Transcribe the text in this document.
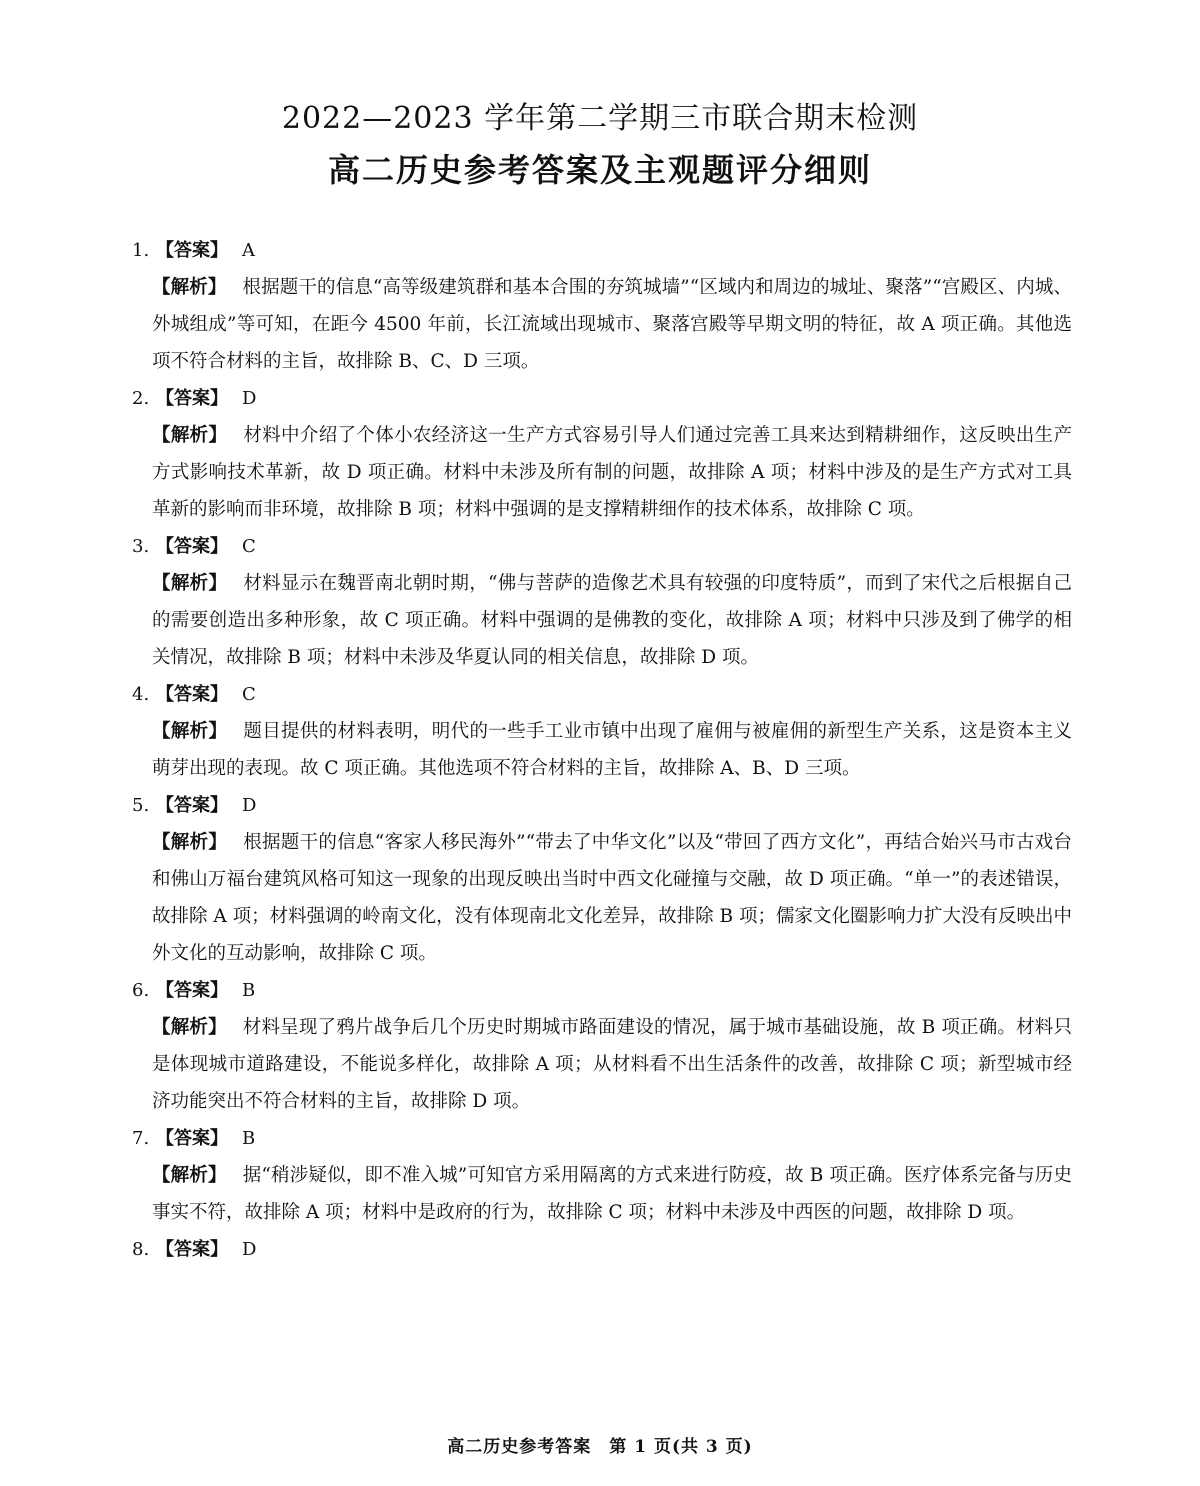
2022—2023 学年第二学期三市联合期末检测
高二历史参考答案及主观题评分细则
1. 【答案】 A
【解析】 根据题干的信息“高等级建筑群和基本合围的夯筑城墙”“区域内和周边的城址、聚落”“宫殿区、内城、外城组成”等可知，在距今 4500 年前，长江流域出现城市、聚落宫殿等早期文明的特征，故 A 项正确。其他选项不符合材料的主旨，故排除 B、C、D 三项。
2. 【答案】 D
【解析】 材料中介绍了个体小农经济这一生产方式容易引导人们通过完善工具来达到精耕细作，这反映出生产方式影响技术革新，故 D 项正确。材料中未涉及所有制的问题，故排除 A 项；材料中涉及的是生产方式对工具革新的影响而非环境，故排除 B 项；材料中强调的是支撑精耕细作的技术体系，故排除 C 项。
3. 【答案】 C
【解析】 材料显示在魏晋南北朝时期，“佛与菩萨的造像艺术具有较强的印度特质”，而到了宋代之后根据自己的需要创造出多种形象，故 C 项正确。材料中强调的是佛教的变化，故排除 A 项；材料中只涉及到了佛学的相关情况，故排除 B 项；材料中未涉及华夏认同的相关信息，故排除 D 项。
4. 【答案】 C
【解析】 题目提供的材料表明，明代的一些手工业市镇中出现了雇佣与被雇佣的新型生产关系，这是资本主义萌芽出现的表现。故 C 项正确。其他选项不符合材料的主旨，故排除 A、B、D 三项。
5. 【答案】 D
【解析】 根据题干的信息“客家人移民海外”“带去了中华文化”以及“带回了西方文化”，再结合始兴马市古戏台和佛山万福台建筑风格可知这一现象的出现反映出当时中西文化碰撞与交融，故 D 项正确。“单一”的表述错误，故排除 A 项；材料强调的岭南文化，没有体现南北文化差异，故排除 B 项；儒家文化圈影响力扩大没有反映出中外文化的互动影响，故排除 C 项。
6. 【答案】 B
【解析】 材料呈现了鸦片战争后几个历史时期城市路面建设的情况，属于城市基础设施，故 B 项正确。材料只是体现城市道路建设，不能说多样化，故排除 A 项；从材料看不出生活条件的改善，故排除 C 项；新型城市经济功能突出不符合材料的主旨，故排除 D 项。
7. 【答案】 B
【解析】 据“稍涉疑似，即不准入城”可知官方采用隔离的方式来进行防疫，故 B 项正确。医疗体系完备与历史事实不符，故排除 A 项；材料中是政府的行为，故排除 C 项；材料中未涉及中西医的问题，故排除 D 项。
8. 【答案】 D
高二历史参考答案　第 1 页(共 3 页)
